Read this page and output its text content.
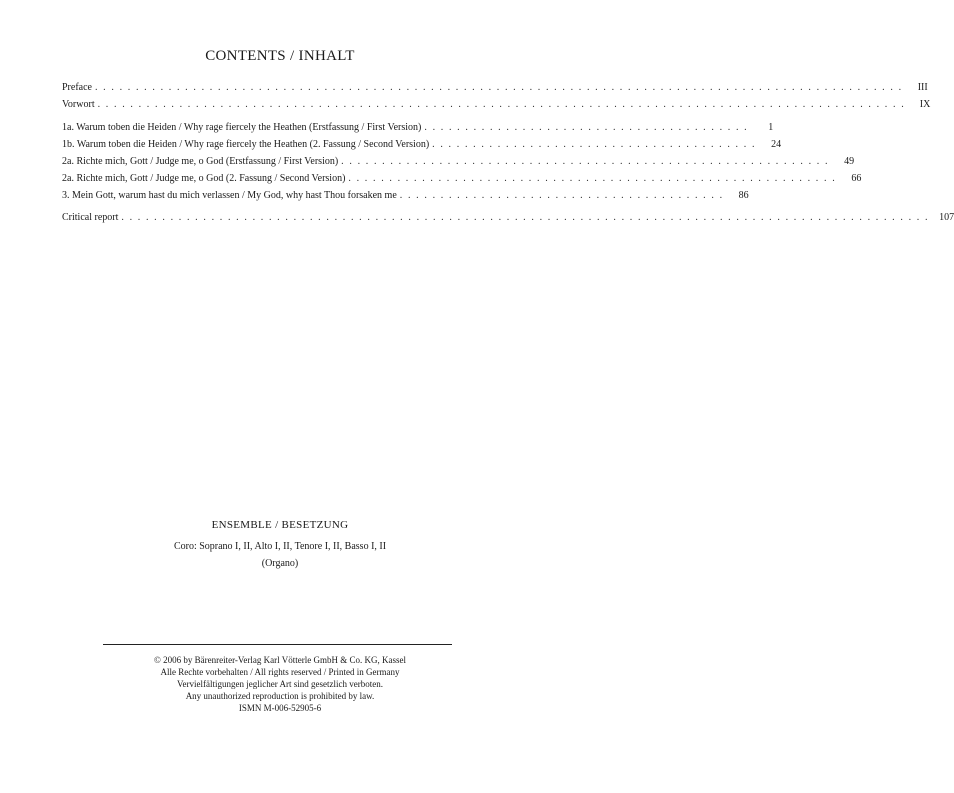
CONTENTS / INHALT
Preface . . . . . . . . . . . . . . . . . . . . . . . . . . . . . . . . . . . . . . . . . . . . . . . . . . . . . . . . . . . . . . . . . . . . . . . . . . . . . . . . . . . . . . . . . . . . . . . . . . .	III
Vorwort . . . . . . . . . . . . . . . . . . . . . . . . . . . . . . . . . . . . . . . . . . . . . . . . . . . . . . . . . . . . . . . . . . . . . . . . . . . . . . . . . . . . . . . . . . . . . . . . . . .	IX
1a. Warum toben die Heiden / Why rage fiercely the Heathen (Erstfassung / First Version) . . . . . . . . . . . . . . . . . . . . . . . . . . . . . . . . . . . . . . . .	1
1b. Warum toben die Heiden / Why rage fiercely the Heathen (2. Fassung / Second Version) . . . . . . . . . . . . . . . . . . . . . . . . . . . . . . . . . . . . . . . .	24
2a. Richte mich, Gott / Judge me, o God (Erstfassung / First Version) . . . . . . . . . . . . . . . . . . . . . . . . . . . . . . . . . . . . . . . . . . . . . . . . . . . . . . . . . . . .	49
2a. Richte mich, Gott / Judge me, o God (2. Fassung / Second Version) . . . . . . . . . . . . . . . . . . . . . . . . . . . . . . . . . . . . . . . . . . . . . . . . . . . . . . . . . . . .	66
3. Mein Gott, warum hast du mich verlassen / My God, why hast Thou forsaken me . . . . . . . . . . . . . . . . . . . . . . . . . . . . . . . . . . . . . . . .	86
Critical report . . . . . . . . . . . . . . . . . . . . . . . . . . . . . . . . . . . . . . . . . . . . . . . . . . . . . . . . . . . . . . . . . . . . . . . . . . . . . . . . . . . . . . . . . . . . . . . . . . .	107
ENSEMBLE / BESETZUNG
Coro: Soprano I, II, Alto I, II, Tenore I, II, Basso I, II
(Organo)
© 2006 by Bärenreiter-Verlag Karl Vötterle GmbH & Co. KG, Kassel
Alle Rechte vorbehalten / All rights reserved / Printed in Germany
Vervielfältigungen jeglicher Art sind gesetzlich verboten.
Any unauthorized reproduction is prohibited by law.
ISMN M-006-52905-6
